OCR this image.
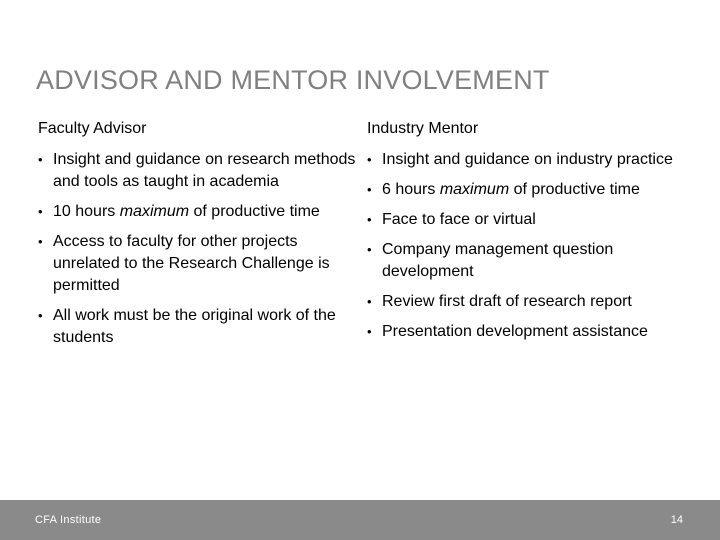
ADVISOR AND MENTOR INVOLVEMENT
Faculty Advisor
• Insight and guidance on research methods and tools as taught in academia
• 10 hours maximum of productive time
• Access to faculty for other projects unrelated to the Research Challenge is permitted
• All work must be the original work of the students
Industry Mentor
• Insight and guidance on industry practice
• 6 hours maximum of productive time
• Face to face or virtual
• Company management question development
• Review first draft of research report
• Presentation development assistance
CFA Institute	14
